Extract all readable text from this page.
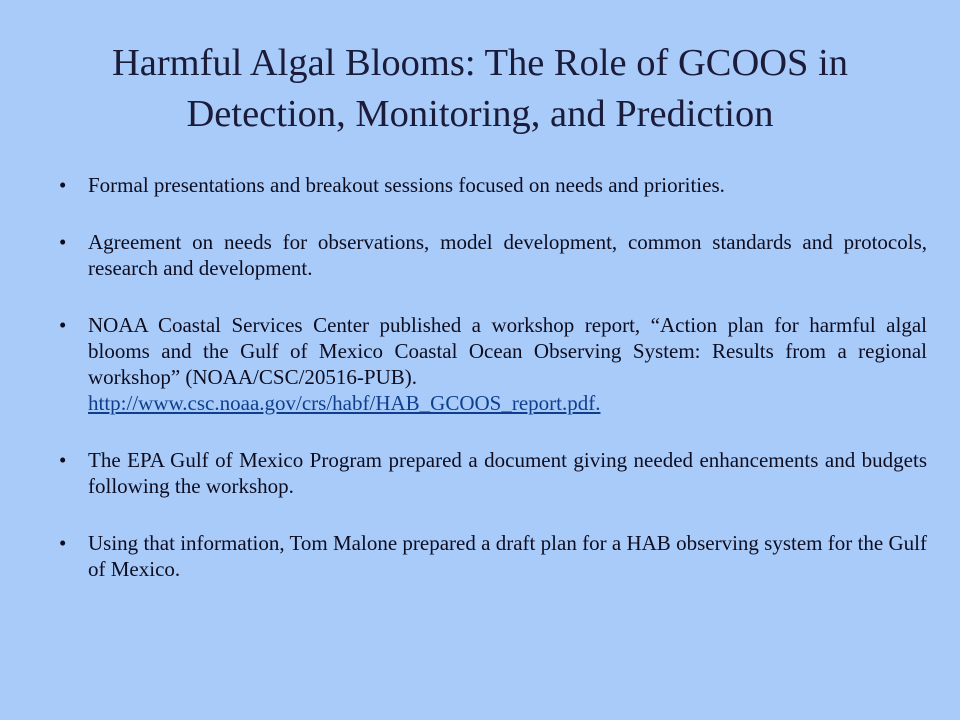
Harmful Algal Blooms: The Role of GCOOS in
Detection, Monitoring, and Prediction
•	Formal presentations and breakout sessions focused on needs and priorities.
•	Agreement on needs for observations, model development, common standards and protocols, research and development.
•	NOAA Coastal Services Center published a workshop report, “Action plan for harmful algal blooms and the Gulf of Mexico Coastal Ocean Observing System: Results from a regional workshop” (NOAA/CSC/20516-PUB).
http://www.csc.noaa.gov/crs/habf/HAB_GCOOS_report.pdf.
•	The EPA Gulf of Mexico Program prepared a document giving needed enhancements and budgets following the workshop.
•	Using that information, Tom Malone prepared a draft plan for a HAB observing system for the Gulf of Mexico.
